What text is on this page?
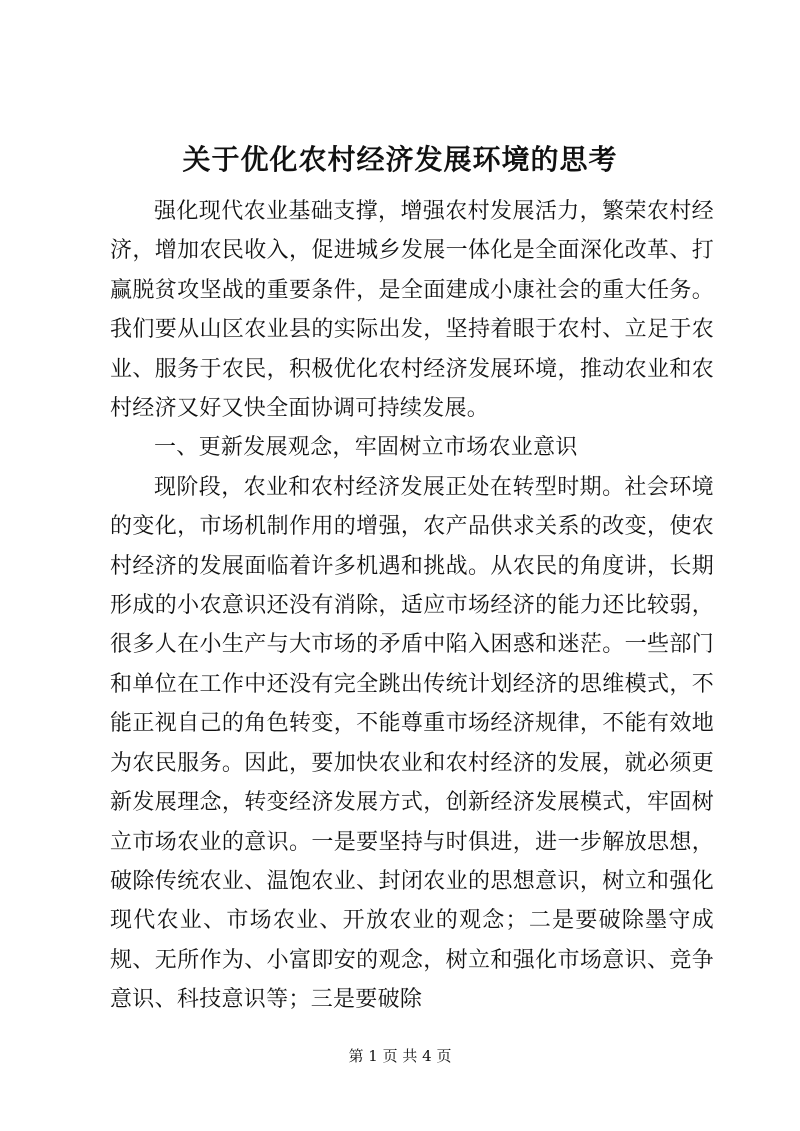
关于优化农村经济发展环境的思考

强化现代农业基础支撑，增强农村发展活力，繁荣农村经济，增加农民收入，促进城乡发展一体化是全面深化改革、打赢脱贫攻坚战的重要条件，是全面建成小康社会的重大任务。我们要从山区农业县的实际出发，坚持着眼于农村、立足于农业、服务于农民，积极优化农村经济发展环境，推动农业和农村经济又好又快全面协调可持续发展。

一、更新发展观念，牢固树立市场农业意识

现阶段，农业和农村经济发展正处在转型时期。社会环境的变化，市场机制作用的增强，农产品供求关系的改变，使农村经济的发展面临着许多机遇和挑战。从农民的角度讲，长期形成的小农意识还没有消除，适应市场经济的能力还比较弱，很多人在小生产与大市场的矛盾中陷入困惑和迷茫。一些部门和单位在工作中还没有完全跳出传统计划经济的思维模式，不能正视自己的角色转变，不能尊重市场经济规律，不能有效地为农民服务。因此，要加快农业和农村经济的发展，就必须更新发展理念，转变经济发展方式，创新经济发展模式，牢固树立市场农业的意识。一是要坚持与时俱进，进一步解放思想，破除传统农业、温饱农业、封闭农业的思想意识，树立和强化现代农业、市场农业、开放农业的观念；二是要破除墨守成规、无所作为、小富即安的观念，树立和强化市场意识、竞争意识、科技意识等；三是要破除

第 1 页 共 4 页
